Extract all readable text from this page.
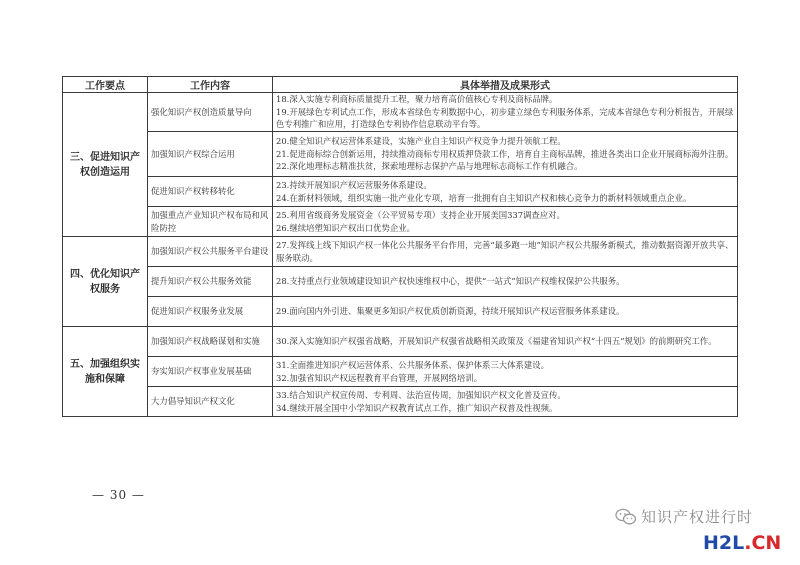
工作要点	工作内容	具体举措及成果形式
三、促进知识产权创造运用	强化知识产权创造质量导向	18.深入实施专利商标质量提升工程，聚力培育高价值核心专利及商标品牌。
19.开展绿色专利试点工作，形成本省绿色专利数据中心，初步建立绿色专利服务体系，完成本省绿色专利分析报告，开展绿色专利推广和应用，打造绿色专利协作信息联动平台等。

	加强知识产权综合运用	20.健全知识产权运营体系建设，实施产业自主知识产权竞争力提升领航工程。
21.促进商标综合创新运用，持续推动商标专用权质押贷款工作，培育自主商标品牌，推进各类出口企业开展商标海外注册。
22.深化地理标志精准扶贫，探索地理标志保护产品与地理标志商标工作有机融合。

	促进知识产权转移转化	23.持续开展知识产权运营服务体系建设。
24.在新材料领域，组织实施一批产业化专项，培育一批拥有自主知识产权和核心竞争力的新材料领域重点企业。

	加强重点产业知识产权布局和风险防控	25.利用省级商务发展资金（公平贸易专项）支持企业开展美国337调查应对。
26.继续培塑知识产权出口优势企业。

四、优化知识产权服务	加强知识产权公共服务平台建设	27.发挥线上线下知识产权一体化公共服务平台作用，完善“最多跑一地”知识产权公共服务新模式，推动数据资源开放共享、服务联动。

	提升知识产权公共服务效能	28.支持重点行业领域建设知识产权快速维权中心，提供“一站式”知识产权维权保护公共服务。

	促进知识产权服务业发展	29.面向国内外引进、集聚更多知识产权优质创新资源，持续开展知识产权运营服务体系建设。

五、加强组织实施和保障	加强知识产权战略谋划和实施	30.深入实施知识产权强省战略，开展知识产权强省战略相关政策及《福建省知识产权“十四五”规划》的前期研究工作。

	夯实知识产权事业发展基础	31.全面推进知识产权运营体系、公共服务体系、保护体系三大体系建设。
32.加强省知识产权远程教育平台管理，开展网络培训。

	大力倡导知识产权文化	33.结合知识产权宣传周、专利周、法治宣传周，加强知识产权文化普及宣传。
34.继续开展全国中小学知识产权教育试点工作，推广知识产权普及性视频。
— 30 —
知识产权进行时
H2L.CN
